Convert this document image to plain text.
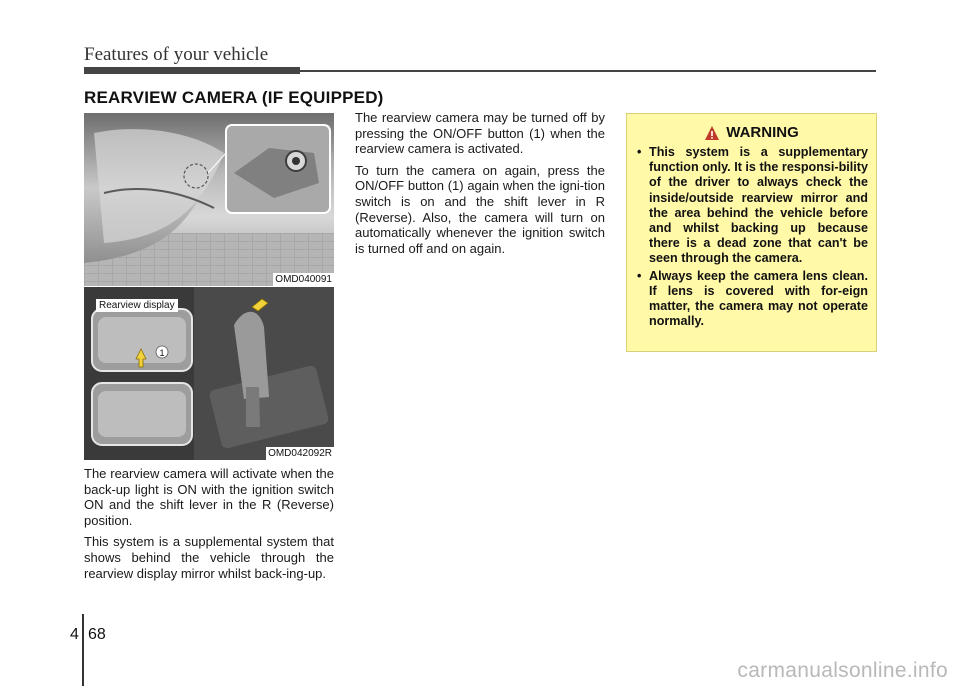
Features of your vehicle
REARVIEW CAMERA (IF EQUIPPED)
OMD040091
1
Rearview display
OMD042092R

The rearview camera will activate when the back-up light is ON with the ignition switch ON and the shift lever in the R (Reverse) position.

This system is a supplemental system that shows behind the vehicle through the rearview display mirror whilst back-ing-up.

The rearview camera may be turned off by pressing the ON/OFF button (1) when the rearview camera is activated.

To turn the camera on again, press the ON/OFF button (1) again when the igni-tion switch is on and the shift lever in R (Reverse). Also, the camera will turn on automatically whenever the ignition switch is turned off and on again.

WARNING
• This system is a supplementary function only. It is the responsi-bility of the driver to always check the inside/outside rearview mirror and the area behind the vehicle before and whilst backing up because there is a dead zone that can't be seen through the camera.
• Always keep the camera lens clean. If lens is covered with for-eign matter, the camera may not operate normally.
4 68
carmanualsonline.info
